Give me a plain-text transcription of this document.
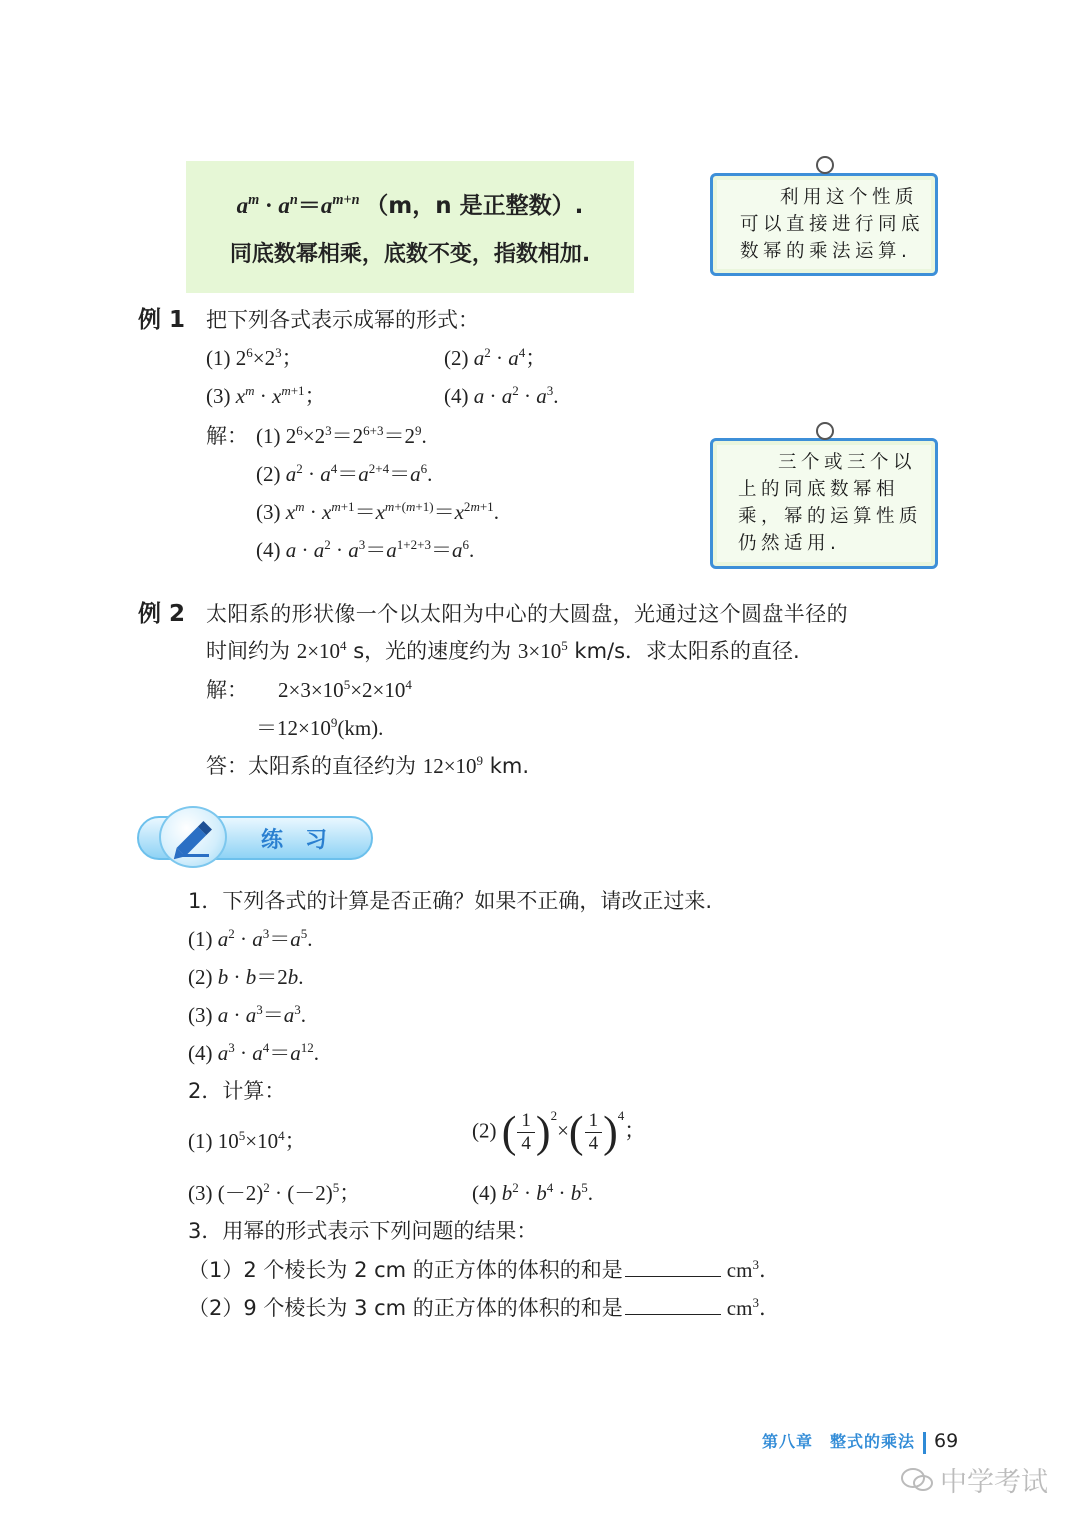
$a^m \cdot a^n=a^{m+n}$ （m，n 是正整数）.
同底数幂相乘，底数不变，指数相加.
利用这个性质
可以直接进行同底
数幂的乘法运算.
三个或三个以
上的同底数幂相
乘，幂的运算性质
仍然适用.
例 1 把下列各式表示成幂的形式：
(1) $2^6\times 2^3$；	(2) $a^2 \cdot a^4$；
(3) $x^m \cdot x^{m+1}$；	(4) $a \cdot a^2 \cdot a^3$.
解： (1) $2^6\times 2^3=2^{6+3}=2^9$.
(2) $a^2 \cdot a^4=a^{2+4}=a^6$.
(3) $x^m \cdot x^{m+1}=x^{m+(m+1)}=x^{2m+1}$.
(4) $a \cdot a^2 \cdot a^3=a^{1+2+3}=a^6$.
例 2 太阳系的形状像一个以太阳为中心的大圆盘，光通过这个圆盘半径的
时间约为 $2\times 10^4$ s，光的速度约为 $3\times 10^5$ km/s．求太阳系的直径.
解： $2\times 3\times 10^5\times 2\times 10^4$
$=12\times 10^9(km)$.
答：太阳系的直径约为 $12\times 10^9$ km.
练习
1．下列各式的计算是否正确？如果不正确，请改正过来.
(1) $a^2 \cdot a^3=a^5$.
(2) b · b＝2b.
(3) $a \cdot a^3=a^3$.
(4) $a^3 \cdot a^4=a^{12}$.
2．计算：
(1) $10^5\times 10^4$；	(2) ( $\frac{1}{4} )^2\times( \frac{1}{4} )^4$；
(3) $(-2)^2 \cdot (-2)^5$；	(4) $b^2 \cdot b^4 \cdot b^5$.
3．用幂的形式表示下列问题的结果：
（1）2 个棱长为 2 cm 的正方体的体积的和是	$cm^3$.
（2）9 个棱长为 3 cm 的正方体的体积的和是	$cm^3$.
第八章　整式的乘法 69
中学考试
